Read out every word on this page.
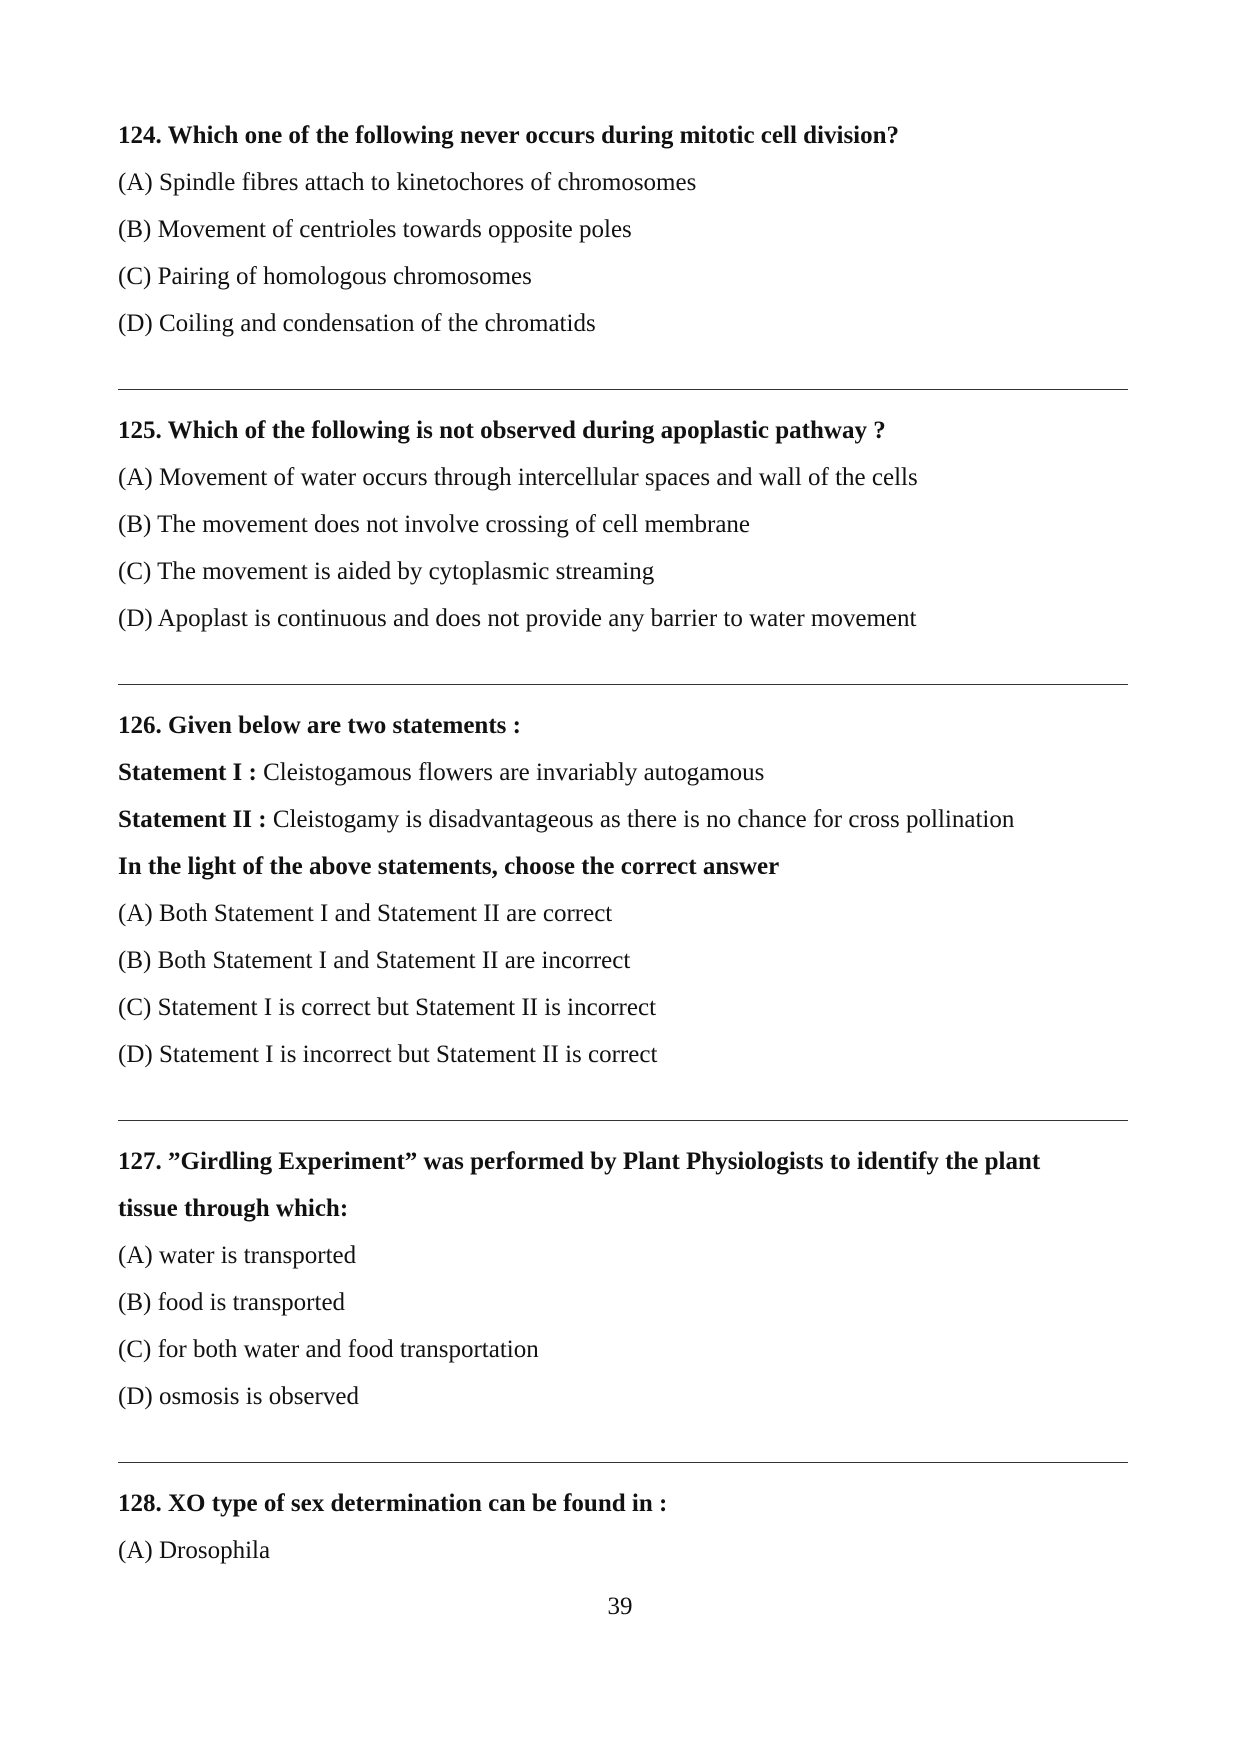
124. Which one of the following never occurs during mitotic cell division?

(A) Spindle fibres attach to kinetochores of chromosomes

(B) Movement of centrioles towards opposite poles

(C) Pairing of homologous chromosomes

(D) Coiling and condensation of the chromatids

125. Which of the following is not observed during apoplastic pathway ?

(A) Movement of water occurs through intercellular spaces and wall of the cells

(B) The movement does not involve crossing of cell membrane

(C) The movement is aided by cytoplasmic streaming

(D) Apoplast is continuous and does not provide any barrier to water movement

126. Given below are two statements :

Statement I : Cleistogamous flowers are invariably autogamous

Statement II : Cleistogamy is disadvantageous as there is no chance for cross pollination

In the light of the above statements, choose the correct answer

(A) Both Statement I and Statement II are correct

(B) Both Statement I and Statement II are incorrect

(C) Statement I is correct but Statement II is incorrect

(D) Statement I is incorrect but Statement II is correct

127. ”Girdling Experiment” was performed by Plant Physiologists to identify the plant

tissue through which:

(A) water is transported

(B) food is transported

(C) for both water and food transportation

(D) osmosis is observed

128. XO type of sex determination can be found in :

(A) Drosophila

39
